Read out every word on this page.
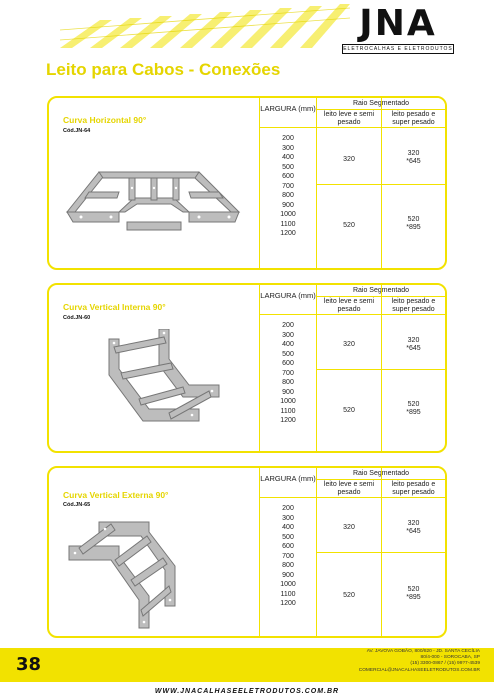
JNA
ELETROCALHAS E ELETRODUTOS
Leito para Cabos - Conexões
Curva Horizontal 90°
Cód.JN-64
LARGURA (mm)
200
300
400
500
600
700
800
900
1000
1100
1200
Raio Segmentado
leito leve e semi pesado
320
520
leito pesado e super pesado
320
*645
520
*895
Curva Vertical Interna 90°
Cód.JN-60
LARGURA (mm)
200
300
400
500
600
700
800
900
1000
1100
1200
Raio Segmentado
leito leve e semi pesado
320
520
leito pesado e super pesado
320
*645
520
*895
Curva Vertical Externa 90°
Cód.JN-65
LARGURA (mm)
200
300
400
500
600
700
800
900
1000
1100
1200
Raio Segmentado
leito leve e semi pesado
320
520
leito pesado e super pesado
320
*645
520
*895
38
AV. JAVOVA GOBÃO, 800/820 - JD. SANTA CECÍLIA
80/4-000 - SOROCABA, SP
(15) 3300-0867 / (15) 99?7-4539
COMERCIAL@JNACALHASEELETRODUTOS.COM.BR
WWW.JNACALHASEELETRODUTOS.COM.BR
